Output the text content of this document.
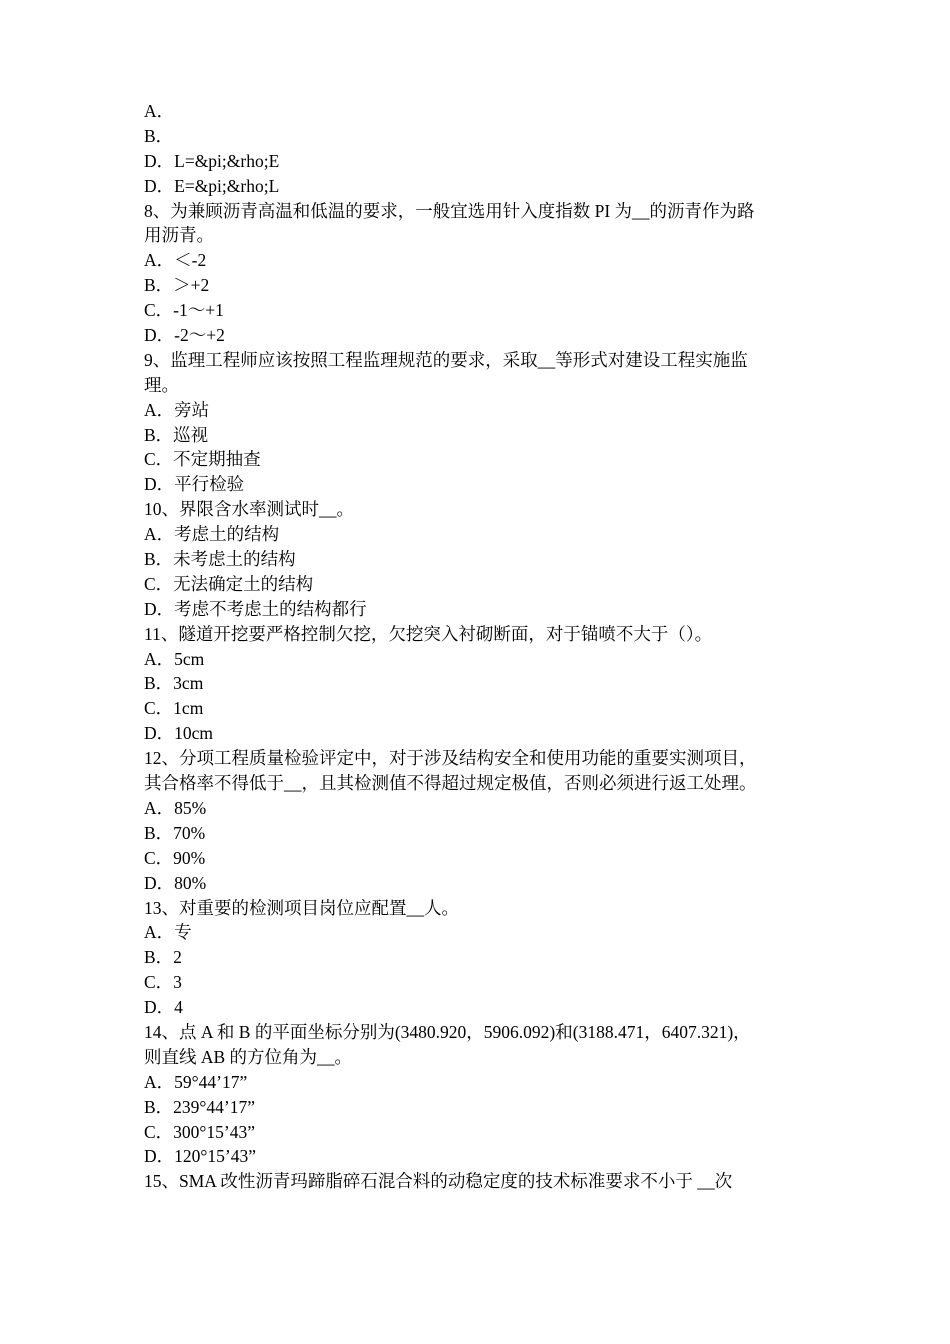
A．
B．
D．L=&pi;&rho;E
D．E=&pi;&rho;L
8、为兼顾沥青高温和低温的要求，一般宜选用针入度指数 PI 为__的沥青作为路
用沥青。
A．＜-2
B．＞+2
C．-1～+1
D．-2～+2
9、监理工程师应该按照工程监理规范的要求，采取__等形式对建设工程实施监
理。
A．旁站
B．巡视
C．不定期抽查
D．平行检验
10、界限含水率测试时__。
A．考虑土的结构
B．未考虑土的结构
C．无法确定土的结构
D．考虑不考虑土的结构都行
11、隧道开挖要严格控制欠挖，欠挖突入衬砌断面，对于锚喷不大于（）。
A．5cm
B．3cm
C．1cm
D．10cm
12、分项工程质量检验评定中，对于涉及结构安全和使用功能的重要实测项目，
其合格率不得低于__，且其检测值不得超过规定极值，否则必须进行返工处理。
A．85%
B．70%
C．90%
D．80%
13、对重要的检测项目岗位应配置__人。
A．专
B．2
C．3
D．4
14、点 A 和 B 的平面坐标分别为(3480.920，5906.092)和(3188.471，6407.321)，
则直线 AB 的方位角为__。
A．59°44’17”
B．239°44’17”
C．300°15’43”
D．120°15’43”
15、SMA 改性沥青玛蹄脂碎石混合料的动稳定度的技术标准要求不小于 __次
